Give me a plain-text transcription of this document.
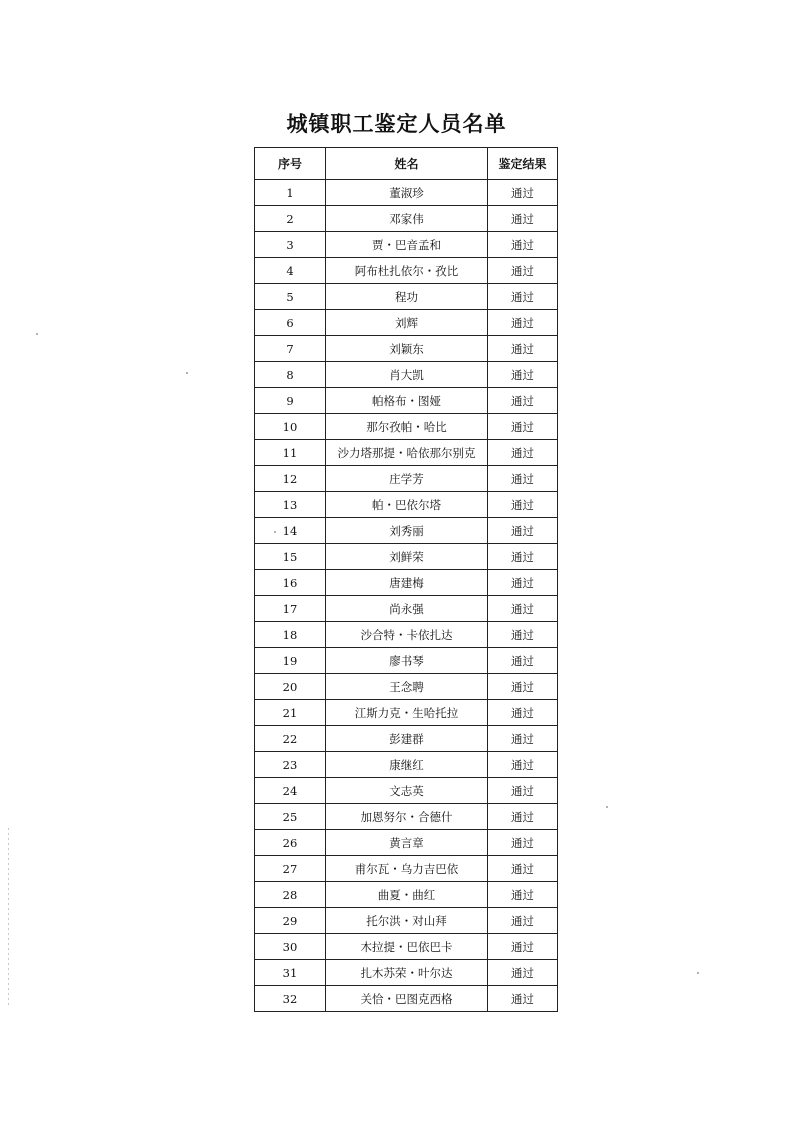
城镇职工鉴定人员名单
序号	姓名	鉴定结果
1	董淑珍	通过
2	邓家伟	通过
3	贾・巴音孟和	通过
4	阿布杜扎依尔・孜比	通过
5	程功	通过
6	刘辉	通过
7	刘颖东	通过
8	肖大凯	通过
9	帕格布・图娅	通过
10	那尔孜帕・哈比	通过
11	沙力塔那提・哈依那尔别克	通过
12	庄学芳	通过
13	帕・巴依尔塔	通过
14	刘秀丽	通过
15	刘鲜荣	通过
16	唐建梅	通过
17	尚永强	通过
18	沙合特・卡依扎达	通过
19	廖书琴	通过
20	王念聘	通过
21	江斯力克・生哈托拉	通过
22	彭建群	通过
23	康继红	通过
24	文志英	通过
25	加恩努尔・合德什	通过
26	黄言章	通过
27	甫尔瓦・乌力吉巴依	通过
28	曲夏・曲红	通过
29	托尔洪・对山拜	通过
30	木拉提・巴依巴卡	通过
31	扎木苏荣・叶尔达	通过
32	关恰・巴图克西格	通过
